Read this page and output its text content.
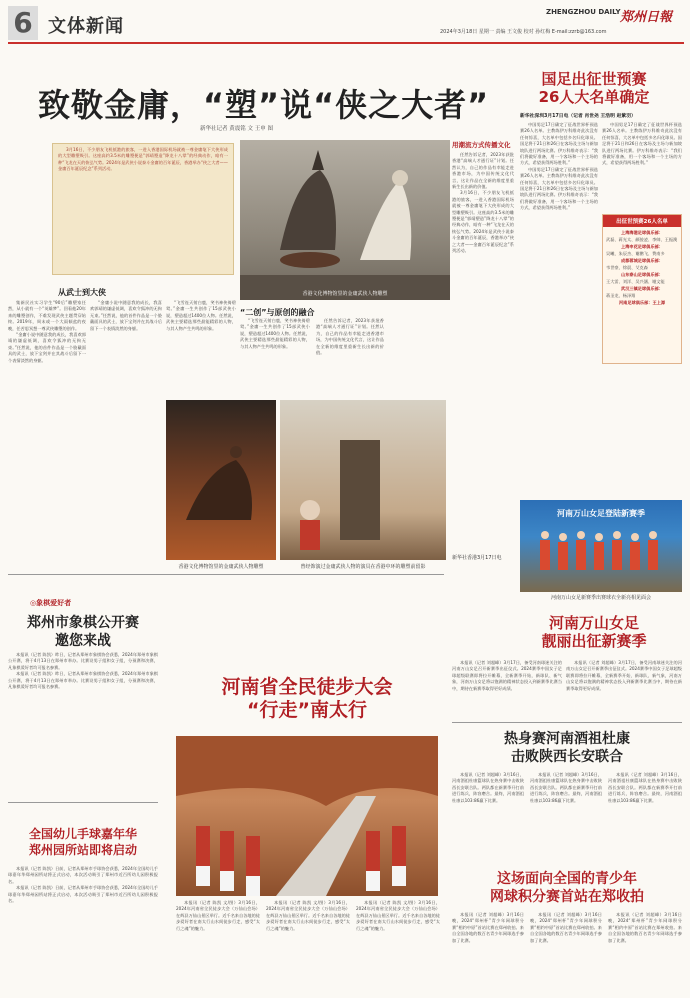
6 文体新闻
ZHENGZHOU DAILY 郑州日報
2024年3月18日 星期一 责编 王文俊 校对 孙红梅 E-mail:zzrb@163.com
致敬金庸，“塑”说“侠之大者”
新华社记者 黄震铭 文 王申 图

3月16日，不少朋友飞机抵港的旅客，一进入香港国际机场就被一尊金庸笔下大侠形成的大型雕塑吸引。这座高约3.5米的雕塑便是“郭靖塑造”降龙十八掌”的经典动作，暗有一种“飞龙在天的恢弘气势。2024年是武侠小说泰斗金庸的百年诞辰，香港举办“侠之大者——金庸百年诞辰纪念”系列活动。

香港文化博物馆里的金庸武侠人物雕塑
用潮流方式传播文化
从武士到大侠
“二创”与原创的融合

集新民社实习学生“90后”雕塑家任然，从小就有一个“英雄梦”。回看他20年来的雕塑创作，不难发现武侠主题贯穿始终。2019年，周末或一个大雨倾盆的夜晚，任苦思冥想一尊武侠雕塑的创作。

“金庸小说中随意我的成长，我喜欢郭靖的谦虚低调，喜欢令狐冲的无拘无束。”任然说，他的首件作品是一个脸戴面具的武士，放下宝剑并在其战斗后留下一个表情淡然的身躯。

“金庸小说中随意我的成长，我喜欢郭靖的谦虚低调，喜欢令狐冲的无拘无束。”任然说，他的首件作品是一个脸戴面具的武士，放下宝剑并在其战斗后留下一个表情淡然的身躯。

“飞雪连天射白鹿，笑书神侠倚碧鸳。”金庸一生共创作了15部武侠小说，塑造超过1400位人物。任然说，武侠主要精选那些最能精彩的人物，与其人物产生共鸣的形象。

“飞雪连天射白鹿，笑书神侠倚碧鸳。”金庸一生共创作了15部武侠小说，塑造超过1400位人物。任然说，武侠主要精选那些最能精彩的人物，与其人物产生共鸣的形象。

任然告诉记者，2023年获批香港“高端人才通行证”计划。任然认为，自己的作品有幸能走进香港市场，为中国传统文化代言，这让作品在全新的维度里重新生长出新的价值。

任然告诉记者，2023年获批香港“高端人才通行证”计划。任然认为，自己的作品有幸能走进香港市场，为中国传统文化代言，这让作品在全新的维度里重新生长出新的价值。

3月16日，不少朋友飞机抵港的旅客，一进入香港国际机场就被一尊金庸笔下大侠形成的大型雕塑吸引。这座高约3.5米的雕塑便是“郭靖塑造”降龙十八掌”的经典动作，暗有一种“飞龙在天的恢弘气势。2024年是武侠小说泰斗金庸的百年诞辰，香港举办“侠之大者——金庸百年诞辰纪念”系列活动。

新华社香港3月17日电
香港文化博物馆里的金庸武侠人物雕塑	曾经饰演过金庸武侠人物的演员在香港中环的雕塑前留影
国足出征世预赛
26人大名单确定
新华社深圳3月17日电（记者 肖世尧 王浩明 赵紫羽）

中国男足17日确定了征战世界杯预选赛26人名单。主教练伊万科维奇此次没有任何惊喜，大名单中包括多名归化球员。国足将于21日和26日在客场及主场与新加坡队进行两场比赛。伊万科维奇表示：“我们将做好准备，用一个客场和一个主场的方式，希望获得两场胜利。”

中国男足17日确定了征战世界杯预选赛26人名单。主教练伊万科维奇此次没有任何惊喜，大名单中包括多名归化球员。国足将于21日和26日在客场及主场与新加坡队进行两场比赛。伊万科维奇表示：“我们将做好准备，用一个客场和一个主场的方式，希望获得两场胜利。”

中国男足17日确定了征战世界杯预选赛26人名单。主教练伊万科维奇此次没有任何惊喜，大名单中包括多名归化球员。国足将于21日和26日在客场及主场与新加坡队进行两场比赛。伊万科维奇表示：“我们将做好准备，用一个客场和一个主场的方式，希望获得两场胜利。”

出征世预赛26人名单
上海海港足球俱乐部：
武磊、蒋光太、颜骏凌、李帅、王振澳
上海申花足球俱乐部：
吴曦、朱辰杰、谢鹏飞、费南多
成都蓉城足球俱乐部：
韦世豪、徐晨、艾克森
山东泰山足球俱乐部：
王大雷、刘洋、吴兴涵、谢文能
武汉三镇足球俱乐部：
蒋圣龙、杨泽翔
河南足球俱乐部：王上源
河南万山女足登陆新赛季
河南万山女足新赛季出赛球衣全新亮相见面会
河南万山女足
靓丽出征新赛季

本报讯（记者 刘超峰）3月17日，备受河南球迷关注的河南万山女足召开新赛季出征仪式。2024赛季中国女子足球超级联赛即将拉开帷幕，全新赛季开始，新球队、新气象，河南万山女足将以饱满的精神状态投入到新赛季比赛当中，期待在新赛季取得更好成绩。

本报讯（记者 刘超峰）3月17日，备受河南球迷关注的河南万山女足召开新赛季出征仪式。2024赛季中国女子足球超级联赛即将拉开帷幕，全新赛季开始，新球队、新气象，河南万山女足将以饱满的精神状态投入到新赛季比赛当中，期待在新赛季取得更好成绩。

◎象棋爱好者
郑州市象棋公开赛
邀您来战

本报讯（记者 陈凯）昨日，记者从郑州市象棋协会获悉，2024年郑州市象棋公开赛，将于4月13日在郑州市举办。比赛设男子组和女子组，分预赛和决赛，凡象棋爱好者均可报名参赛。

本报讯（记者 陈凯）昨日，记者从郑州市象棋协会获悉，2024年郑州市象棋公开赛，将于4月13日在郑州市举办。比赛设男子组和女子组，分预赛和决赛，凡象棋爱好者均可报名参赛。

全国幼儿手球嘉年华
郑州园所站即将启动

本报讯（记者 陈凯）日前，记者从郑州市手球协会获悉，2024年全国幼儿手球嘉年华郑州园所站将正式启动，本次活动吸引了郑州市近百所幼儿园积极报名。

本报讯（记者 陈凯）日前，记者从郑州市手球协会获悉，2024年全国幼儿手球嘉年华郑州园所站将正式启动，本次活动吸引了郑州市近百所幼儿园积极报名。

河南省全民徒步大会
“行走”南太行

本报讯（记者 陈凯 文/图）3月16日，2024年河南省全民徒步大会（万仙山会场）在辉县万仙山景区举行。近千名来自各地的徒步爱好者在南太行山水间徒步行走，感受“太行之魂”的魅力。

本报讯（记者 陈凯 文/图）3月16日，2024年河南省全民徒步大会（万仙山会场）在辉县万仙山景区举行。近千名来自各地的徒步爱好者在南太行山水间徒步行走，感受“太行之魂”的魅力。

本报讯（记者 陈凯 文/图）3月16日，2024年河南省全民徒步大会（万仙山会场）在辉县万仙山景区举行。近千名来自各地的徒步爱好者在南太行山水间徒步行走，感受“太行之魂”的魅力。

热身赛河南酒祖杜康
击败陕西长安联合

本报讯（记者 刘超峰）3月16日，河南酒祖杜康篮球队在热身赛中击败陕西长安联合队。两队都在新赛季开打前进行练兵，阵容磨合。最终，河南酒祖杜康以103:86赢下比赛。

本报讯（记者 刘超峰）3月16日，河南酒祖杜康篮球队在热身赛中击败陕西长安联合队。两队都在新赛季开打前进行练兵，阵容磨合。最终，河南酒祖杜康以103:86赢下比赛。

本报讯（记者 刘超峰）3月16日，河南酒祖杜康篮球队在热身赛中击败陕西长安联合队。两队都在新赛季开打前进行练兵，阵容磨合。最终，河南酒祖杜康以103:86赢下比赛。

这场面向全国的青少年
网球积分赛首站在郑收拍

本报讯（记者 刘超峰）3月16日晚，2024“郑州杯”青少年网球积分赛“相约中原”首站比赛在郑州收拍。来自全国各地的数百名青少年网球选手参加了比赛。

本报讯（记者 刘超峰）3月16日晚，2024“郑州杯”青少年网球积分赛“相约中原”首站比赛在郑州收拍。来自全国各地的数百名青少年网球选手参加了比赛。

本报讯（记者 刘超峰）3月16日晚，2024“郑州杯”青少年网球积分赛“相约中原”首站比赛在郑州收拍。来自全国各地的数百名青少年网球选手参加了比赛。
